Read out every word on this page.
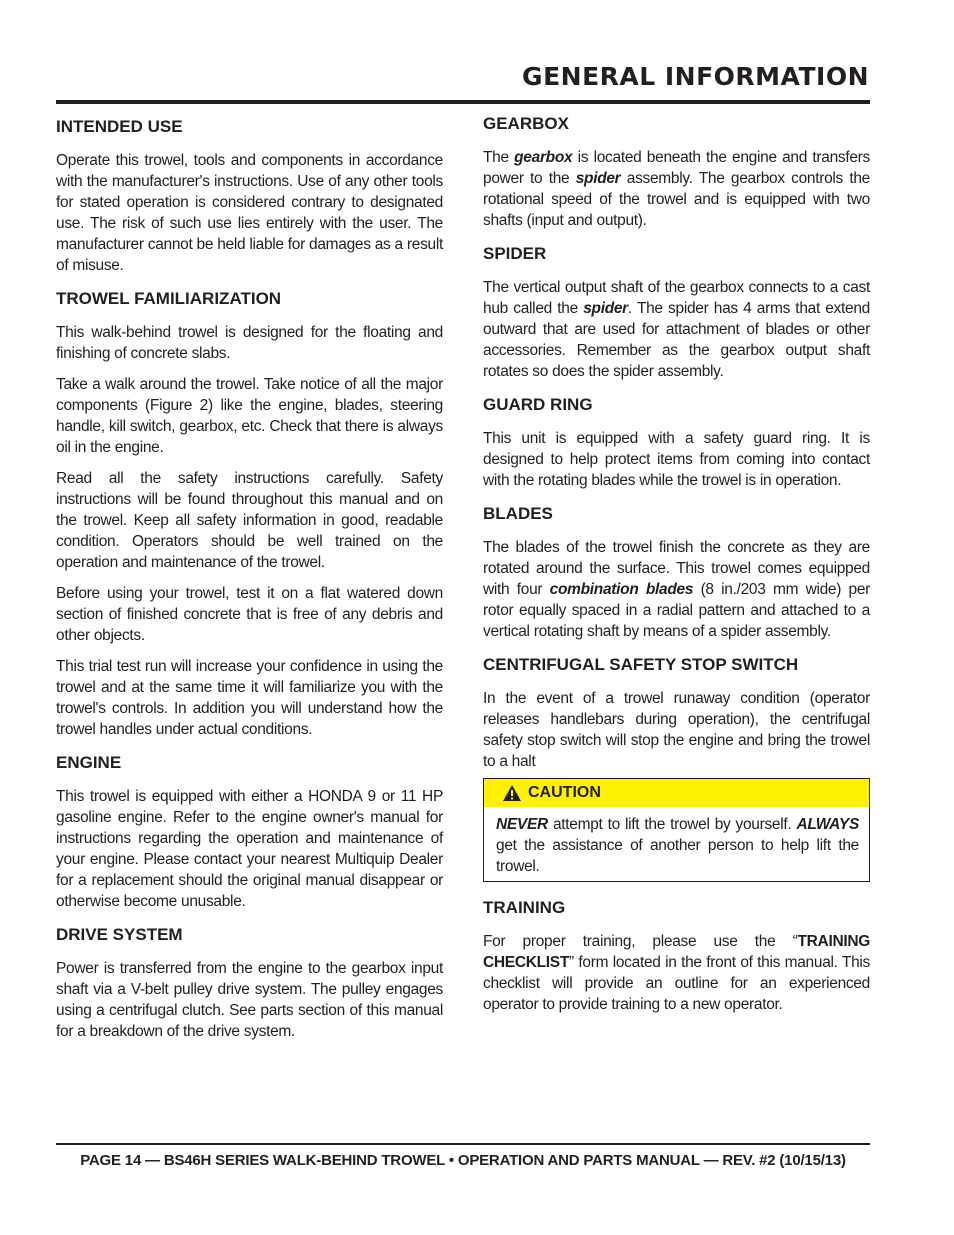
GENERAL INFORMATION
INTENDED USE

Operate this trowel, tools and components in accordance with the manufacturer's instructions. Use of any other tools for stated operation is considered contrary to designated use. The risk of such use lies entirely with the user. The manufacturer cannot be held liable for damages as a result of misuse.

TROWEL FAMILIARIZATION

This walk-behind trowel is designed for the floating and finishing of concrete slabs.

Take a walk around the trowel. Take notice of all the major components (Figure 2) like the engine, blades, steering handle, kill switch, gearbox, etc. Check that there is always oil in the engine.

Read all the safety instructions carefully. Safety instructions will be found throughout this manual and on the trowel. Keep all safety information in good, readable condition. Operators should be well trained on the operation and maintenance of the trowel.

Before using your trowel, test it on a flat watered down section of finished concrete that is free of any debris and other objects.

This trial test run will increase your confidence in using the trowel and at the same time it will familiarize you with the trowel's controls. In addition you will understand how the trowel handles under actual conditions.

ENGINE

This trowel is equipped with either a HONDA 9 or 11 HP gasoline engine. Refer to the engine owner's manual for instructions regarding the operation and maintenance of your engine. Please contact your nearest Multiquip Dealer for a replacement should the original manual disappear or otherwise become unusable.

DRIVE SYSTEM

Power is transferred from the engine to the gearbox input shaft via a V-belt pulley drive system. The pulley engages using a centrifugal clutch. See parts section of this manual for a breakdown of the drive system.

GEARBOX

The gearbox is located beneath the engine and transfers power to the spider assembly. The gearbox controls the rotational speed of the trowel and is equipped with two shafts (input and output).

SPIDER

The vertical output shaft of the gearbox connects to a cast hub called the spider. The spider has 4 arms that extend outward that are used for attachment of blades or other accessories. Remember as the gearbox output shaft rotates so does the spider assembly.

GUARD RING

This unit is equipped with a safety guard ring. It is designed to help protect items from coming into contact with the rotating blades while the trowel is in operation.

BLADES

The blades of the trowel finish the concrete as they are rotated around the surface. This trowel comes equipped with four combination blades (8 in./203 mm wide) per rotor equally spaced in a radial pattern and attached to a vertical rotating shaft by means of a spider assembly.

CENTRIFUGAL SAFETY STOP SWITCH

In the event of a trowel runaway condition (operator releases handlebars during operation), the centrifugal safety stop switch will stop the engine and bring the trowel to a halt

CAUTION

NEVER attempt to lift the trowel by yourself. ALWAYS get the assistance of another person to help lift the trowel.

TRAINING

For proper training, please use the “TRAINING CHECKLIST” form located in the front of this manual. This checklist will provide an outline for an experienced operator to provide training to a new operator.

PAGE 14 — BS46H SERIES WALK-BEHIND TROWEL • OPERATION AND PARTS MANUAL — REV. #2 (10/15/13)
